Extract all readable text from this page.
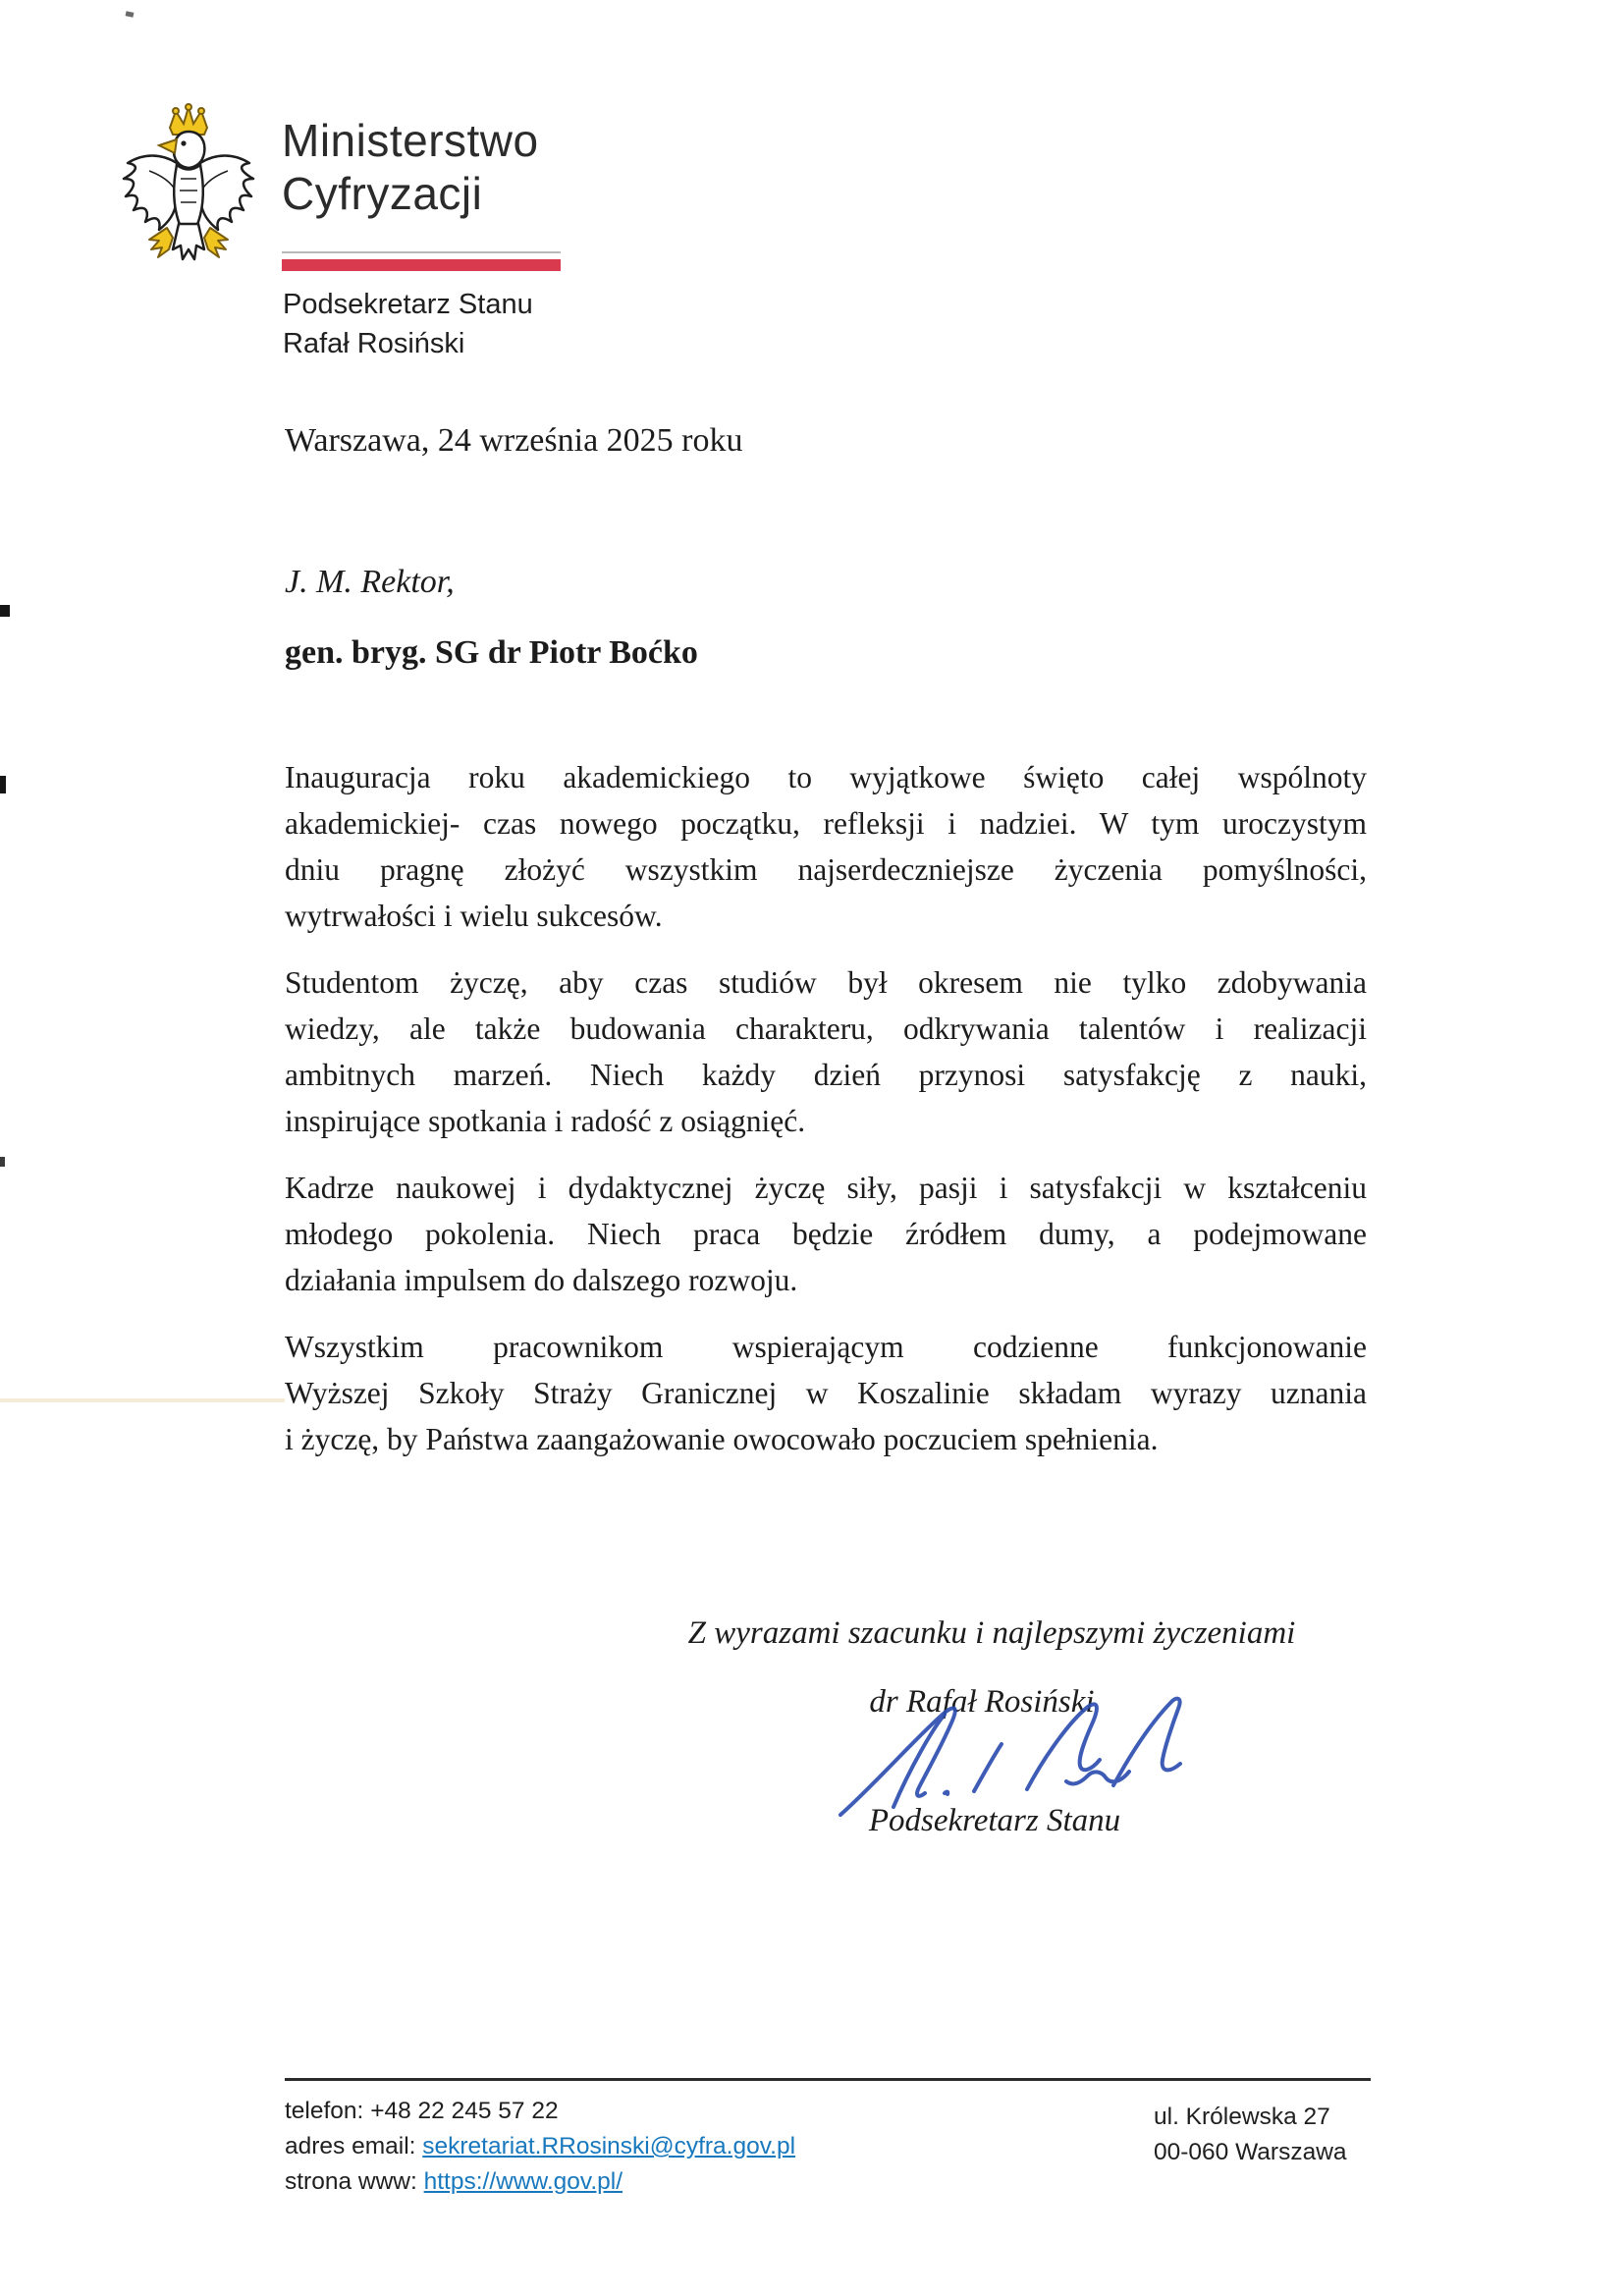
Ministerstwo
Cyfryzacji
Podsekretarz Stanu
Rafał Rosiński
Warszawa, 24 września 2025 roku
J. M. Rektor,
gen. bryg. SG dr Piotr Boćko
Inauguracja roku akademickiego to wyjątkowe święto całej wspólnoty
akademickiej- czas nowego początku, refleksji i nadziei. W tym uroczystym
dniu pragnę złożyć wszystkim najserdeczniejsze życzenia pomyślności,
wytrwałości i wielu sukcesów.
Studentom życzę, aby czas studiów był okresem nie tylko zdobywania
wiedzy, ale także budowania charakteru, odkrywania talentów i realizacji
ambitnych marzeń. Niech każdy dzień przynosi satysfakcję z nauki,
inspirujące spotkania i radość z osiągnięć.
Kadrze naukowej i dydaktycznej życzę siły, pasji i satysfakcji w kształceniu
młodego pokolenia. Niech praca będzie źródłem dumy, a podejmowane
działania impulsem do dalszego rozwoju.
Wszystkim pracownikom wspierającym codzienne funkcjonowanie
Wyższej Szkoły Straży Granicznej w Koszalinie składam wyrazy uznania
i życzę, by Państwa zaangażowanie owocowało poczuciem spełnienia.
Z wyrazami szacunku i najlepszymi życzeniami
dr Rafał Rosiński
Podsekretarz Stanu
telefon: +48 22 245 57 22
adres email: sekretariat.RRosinski@cyfra.gov.pl
strona www: https://www.gov.pl/
ul. Królewska 27
00-060 Warszawa
